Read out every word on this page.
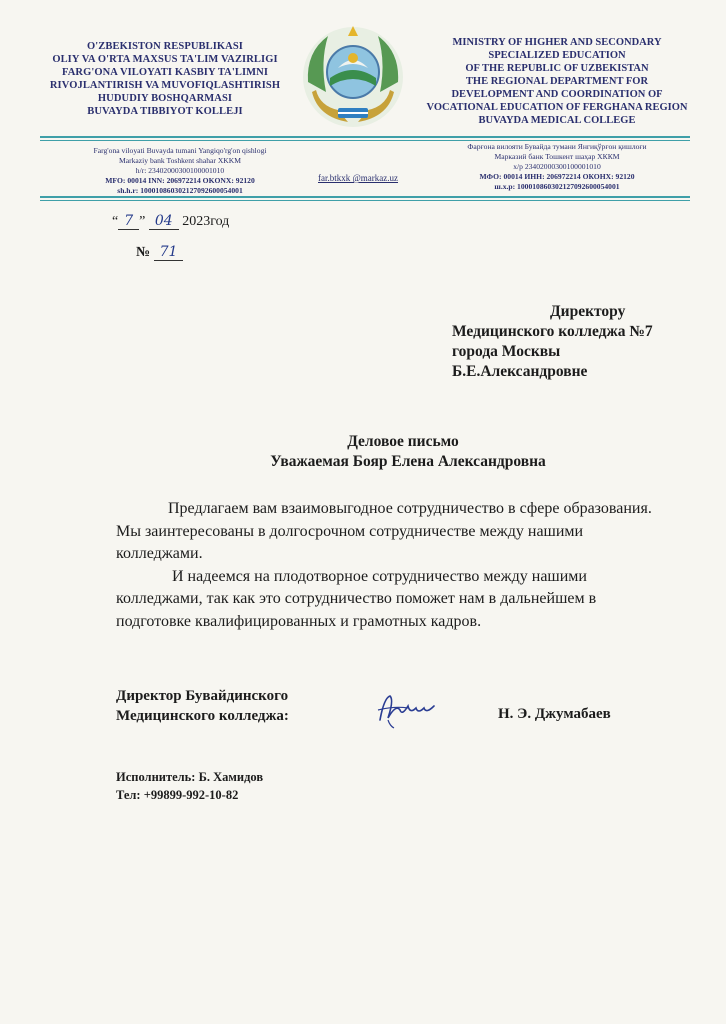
O'ZBEKISTON RESPUBLIKASI
OLIY VA O'RTA MAXSUS TA'LIM VAZIRLIGI
FARG'ONA VILOYATI KASBIY TA'LIMNI
RIVOJLANTIRISH VA MUVOFIQLASHTIRISH
HUDUDIY BOSHQARMASI
BUVAYDA TIBBIYOT KOLLEJI
MINISTRY OF HIGHER AND SECONDARY
SPECIALIZED EDUCATION
OF THE REPUBLIC OF UZBEKISTAN
THE REGIONAL DEPARTMENT FOR
DEVELOPMENT AND COORDINATION OF
VOCATIONAL EDUCATION OF FERGHANA REGION
BUVAYDA MEDICAL COLLEGE
Farg'ona viloyati Buvayda tumani Yangiqo'rg'on qishlogi
Markaziy bank Toshkent shahar XKKM
h/r: 23402000300100001010
MFO: 00014 INN: 206972214 OKONX: 92120
sh.h.r: 100010860302127092600054001
far.btkxk @markaz.uz
Фарғона вилояти Бувайда тумани Янгиқўрғон қишлоғи
Марказий банк Тошкент шаҳар ХККМ
х/р 23402000300100001010
МФО: 00014 ИНН: 206972214 ОКОНХ: 92120
ш.х.р: 100010860302127092600054001
“ 7 ” 04 2023год
№ 71
Директору
Медицинского колледжа №7
города Москвы
Б.Е.Александровне
Деловое письмо
Уважаемая Бояр Елена Александровна

Предлагаем вам взаимовыгодное сотрудничество в сфере образования. Мы заинтересованы в долгосрочном сотрудничестве между нашими колледжами.

И надеемся на плодотворное сотрудничество между нашими колледжами, так как это сотрудничество поможет нам в дальнейшем в подготовке квалифицированных и грамотных кадров.

Директор Бувайдинского
Медицинского колледжа:	Н. Э. Джумабаев
Исполнитель: Б. Хамидов
Тел: +99899-992-10-82
